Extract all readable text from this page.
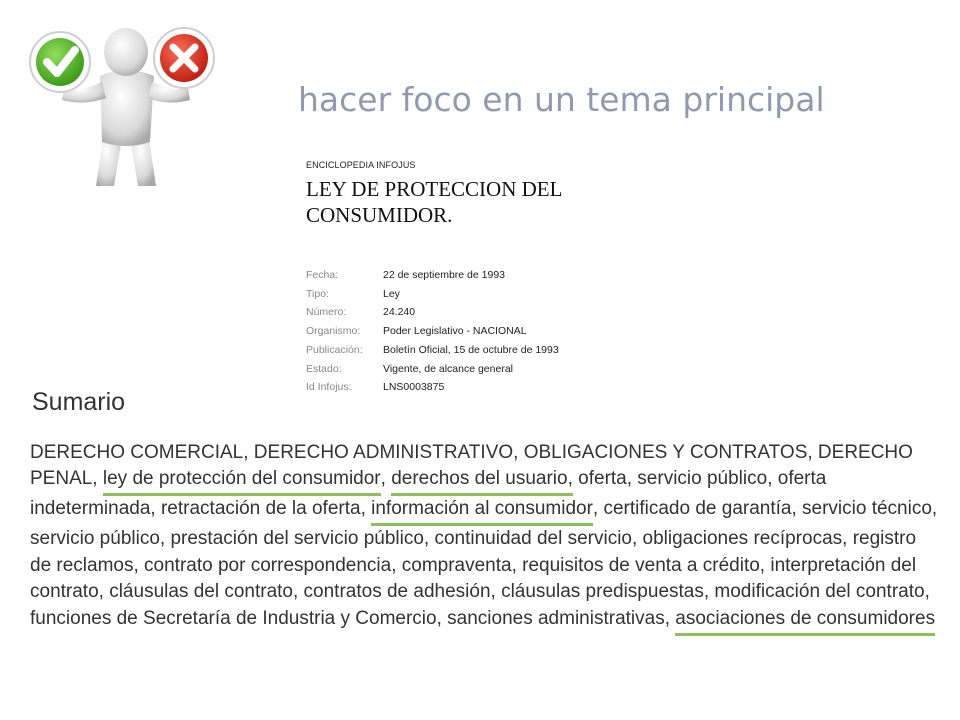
hacer foco en un tema principal
ENCICLOPEDIA INFOJUS
LEY DE PROTECCION DEL CONSUMIDOR.
Fecha:	22 de septiembre de 1993
Tipo:	Ley
Número:	24.240
Organismo:	Poder Legislativo - NACIONAL
Publicación:	Boletín Oficial, 15 de octubre de 1993
Estado:	Vigente, de alcance general
Id Infojus:	LNS0003875
Sumario
DERECHO COMERCIAL, DERECHO ADMINISTRATIVO, OBLIGACIONES Y CONTRATOS, DERECHO PENAL, ley de protección del consumidor, derechos del usuario, oferta, servicio público, oferta indeterminada, retractación de la oferta, información al consumidor, certificado de garantía, servicio técnico, servicio público, prestación del servicio público, continuidad del servicio, obligaciones recíprocas, registro de reclamos, contrato por correspondencia, compraventa, requisitos de venta a crédito, interpretación del contrato, cláusulas del contrato, contratos de adhesión, cláusulas predispuestas, modificación del contrato, funciones de Secretaría de Industria y Comercio, sanciones administrativas, asociaciones de consumidores
